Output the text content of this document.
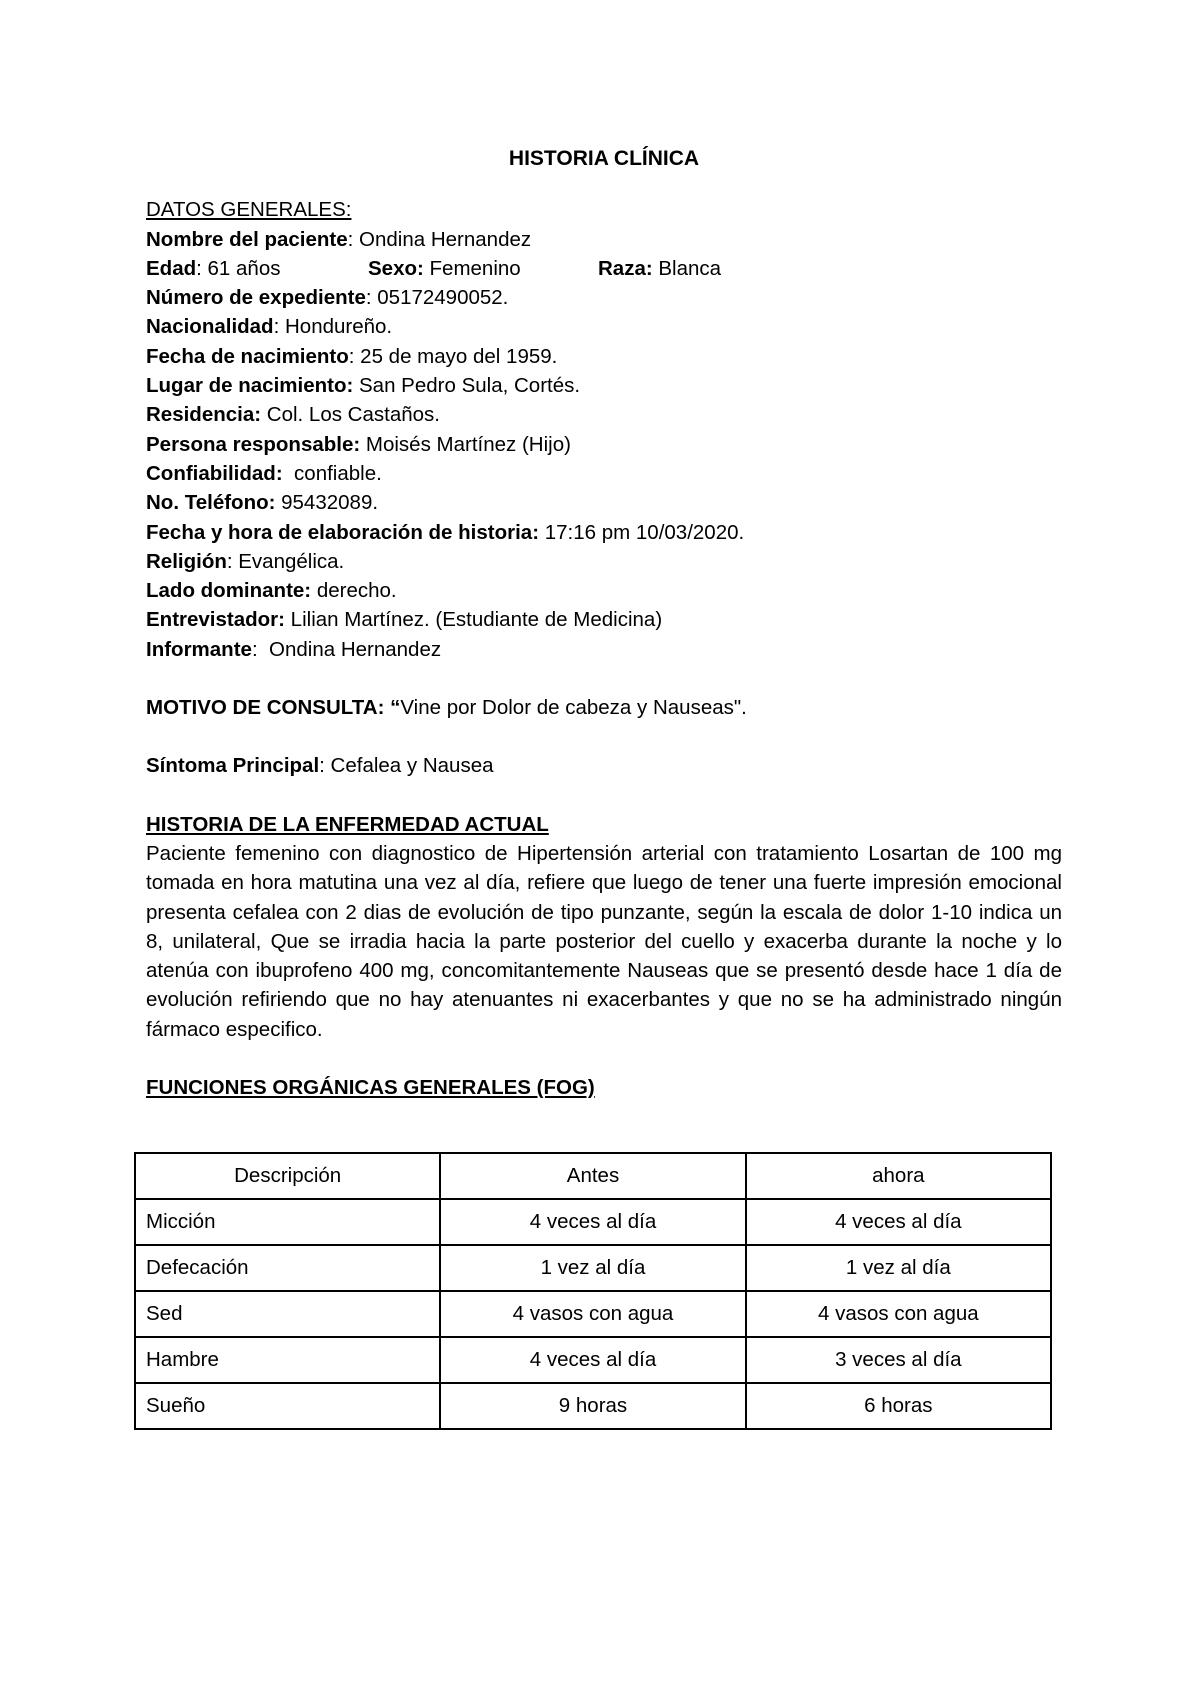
HISTORIA CLÍNICA
DATOS GENERALES:
Nombre del paciente: Ondina Hernandez
Edad: 61 años	Sexo: Femenino	Raza: Blanca
Número de expediente: 05172490052.
Nacionalidad: Hondureño.
Fecha de nacimiento: 25 de mayo del 1959.
Lugar de nacimiento: San Pedro Sula, Cortés.
Residencia: Col. Los Castaños.
Persona responsable: Moisés Martínez (Hijo)
Confiabilidad:  confiable.
No. Teléfono: 95432089.
Fecha y hora de elaboración de historia: 17:16 pm 10/03/2020.
Religión: Evangélica.
Lado dominante: derecho.
Entrevistador: Lilian Martínez. (Estudiante de Medicina)
Informante:  Ondina Hernandez
MOTIVO DE CONSULTA: “Vine por Dolor de cabeza y Nauseas".
Síntoma Principal: Cefalea y Nausea
HISTORIA DE LA ENFERMEDAD ACTUAL

Paciente femenino con diagnostico de Hipertensión arterial con tratamiento Losartan de 100 mg tomada en hora matutina una vez al día, refiere que luego de tener una fuerte impresión emocional presenta cefalea con 2 dias de evolución de tipo punzante, según la escala de dolor 1-10 indica un 8, unilateral, Que se irradia hacia la parte posterior del cuello y exacerba durante la noche y lo atenúa con ibuprofeno 400 mg, concomitantemente Nauseas que se presentó desde hace 1 día de evolución refiriendo que no hay atenuantes ni exacerbantes y que no se ha administrado ningún fármaco especifico.

FUNCIONES ORGÁNICAS GENERALES (FOG)
Descripción	Antes	ahora
Micción	4 veces al día	4 veces al día
Defecación	1 vez al día	1 vez al día
Sed	4 vasos con agua	4 vasos con agua
Hambre	4 veces al día	3 veces al día
Sueño	9 horas	6 horas
